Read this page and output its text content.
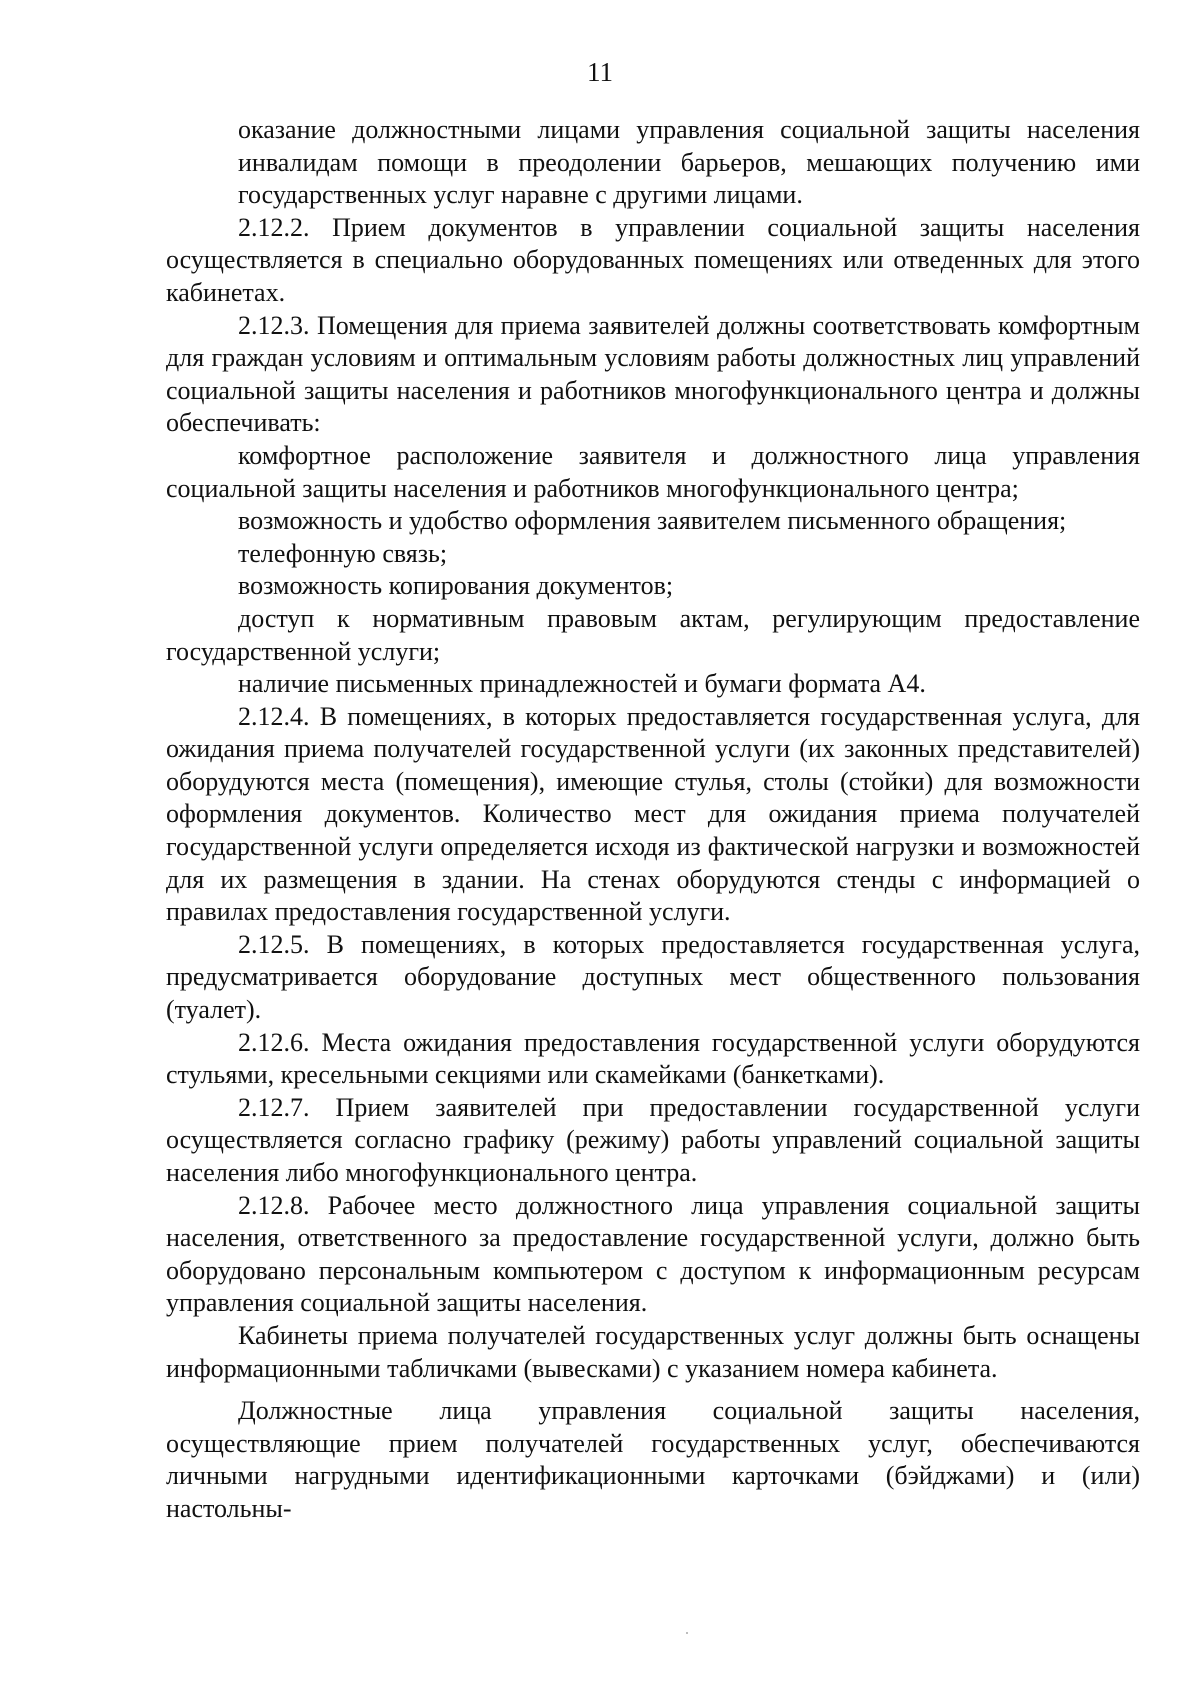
11

оказание должностными лицами управления социальной защиты населения инвалидам помощи в преодолении барьеров, мешающих получению ими государственных услуг наравне с другими лицами.

2.12.2. Прием документов в управлении социальной защиты населения осуществляется в специально оборудованных помещениях или отведенных для этого кабинетах.

2.12.3. Помещения для приема заявителей должны соответствовать комфортным для граждан условиям и оптимальным условиям работы должностных лиц управлений социальной защиты населения и работников многофункционального центра и должны обеспечивать:

комфортное расположение заявителя и должностного лица управления социальной защиты населения и работников многофункционального центра;

возможность и удобство оформления заявителем письменного обращения;

телефонную связь;

возможность копирования документов;

доступ к нормативным правовым актам, регулирующим предоставление государственной услуги;

наличие письменных принадлежностей и бумаги формата А4.

2.12.4. В помещениях, в которых предоставляется государственная услуга, для ожидания приема получателей государственной услуги (их законных представителей) оборудуются места (помещения), имеющие стулья, столы (стойки) для возможности оформления документов. Количество мест для ожидания приема получателей государственной услуги определяется исходя из фактической нагрузки и возможностей для их размещения в здании. На стенах оборудуются стенды с информацией о правилах предоставления государственной услуги.

2.12.5. В помещениях, в которых предоставляется государственная услуга, предусматривается оборудование доступных мест общественного пользования (туалет).

2.12.6. Места ожидания предоставления государственной услуги оборудуются стульями, кресельными секциями или скамейками (банкетками).

2.12.7. Прием заявителей при предоставлении государственной услуги осуществляется согласно графику (режиму) работы управлений социальной защиты населения либо многофункционального центра.

2.12.8. Рабочее место должностного лица управления социальной защиты населения, ответственного за предоставление государственной услуги, должно быть оборудовано персональным компьютером с доступом к информационным ресурсам управления социальной защиты населения.

Кабинеты приема получателей государственных услуг должны быть оснащены информационными табличками (вывесками) с указанием номера кабинета.

Должностные лица управления социальной защиты населения, осуществляющие прием получателей государственных услуг, обеспечиваются личными нагрудными идентификационными карточками (бэйджами) и (или) настольны-
